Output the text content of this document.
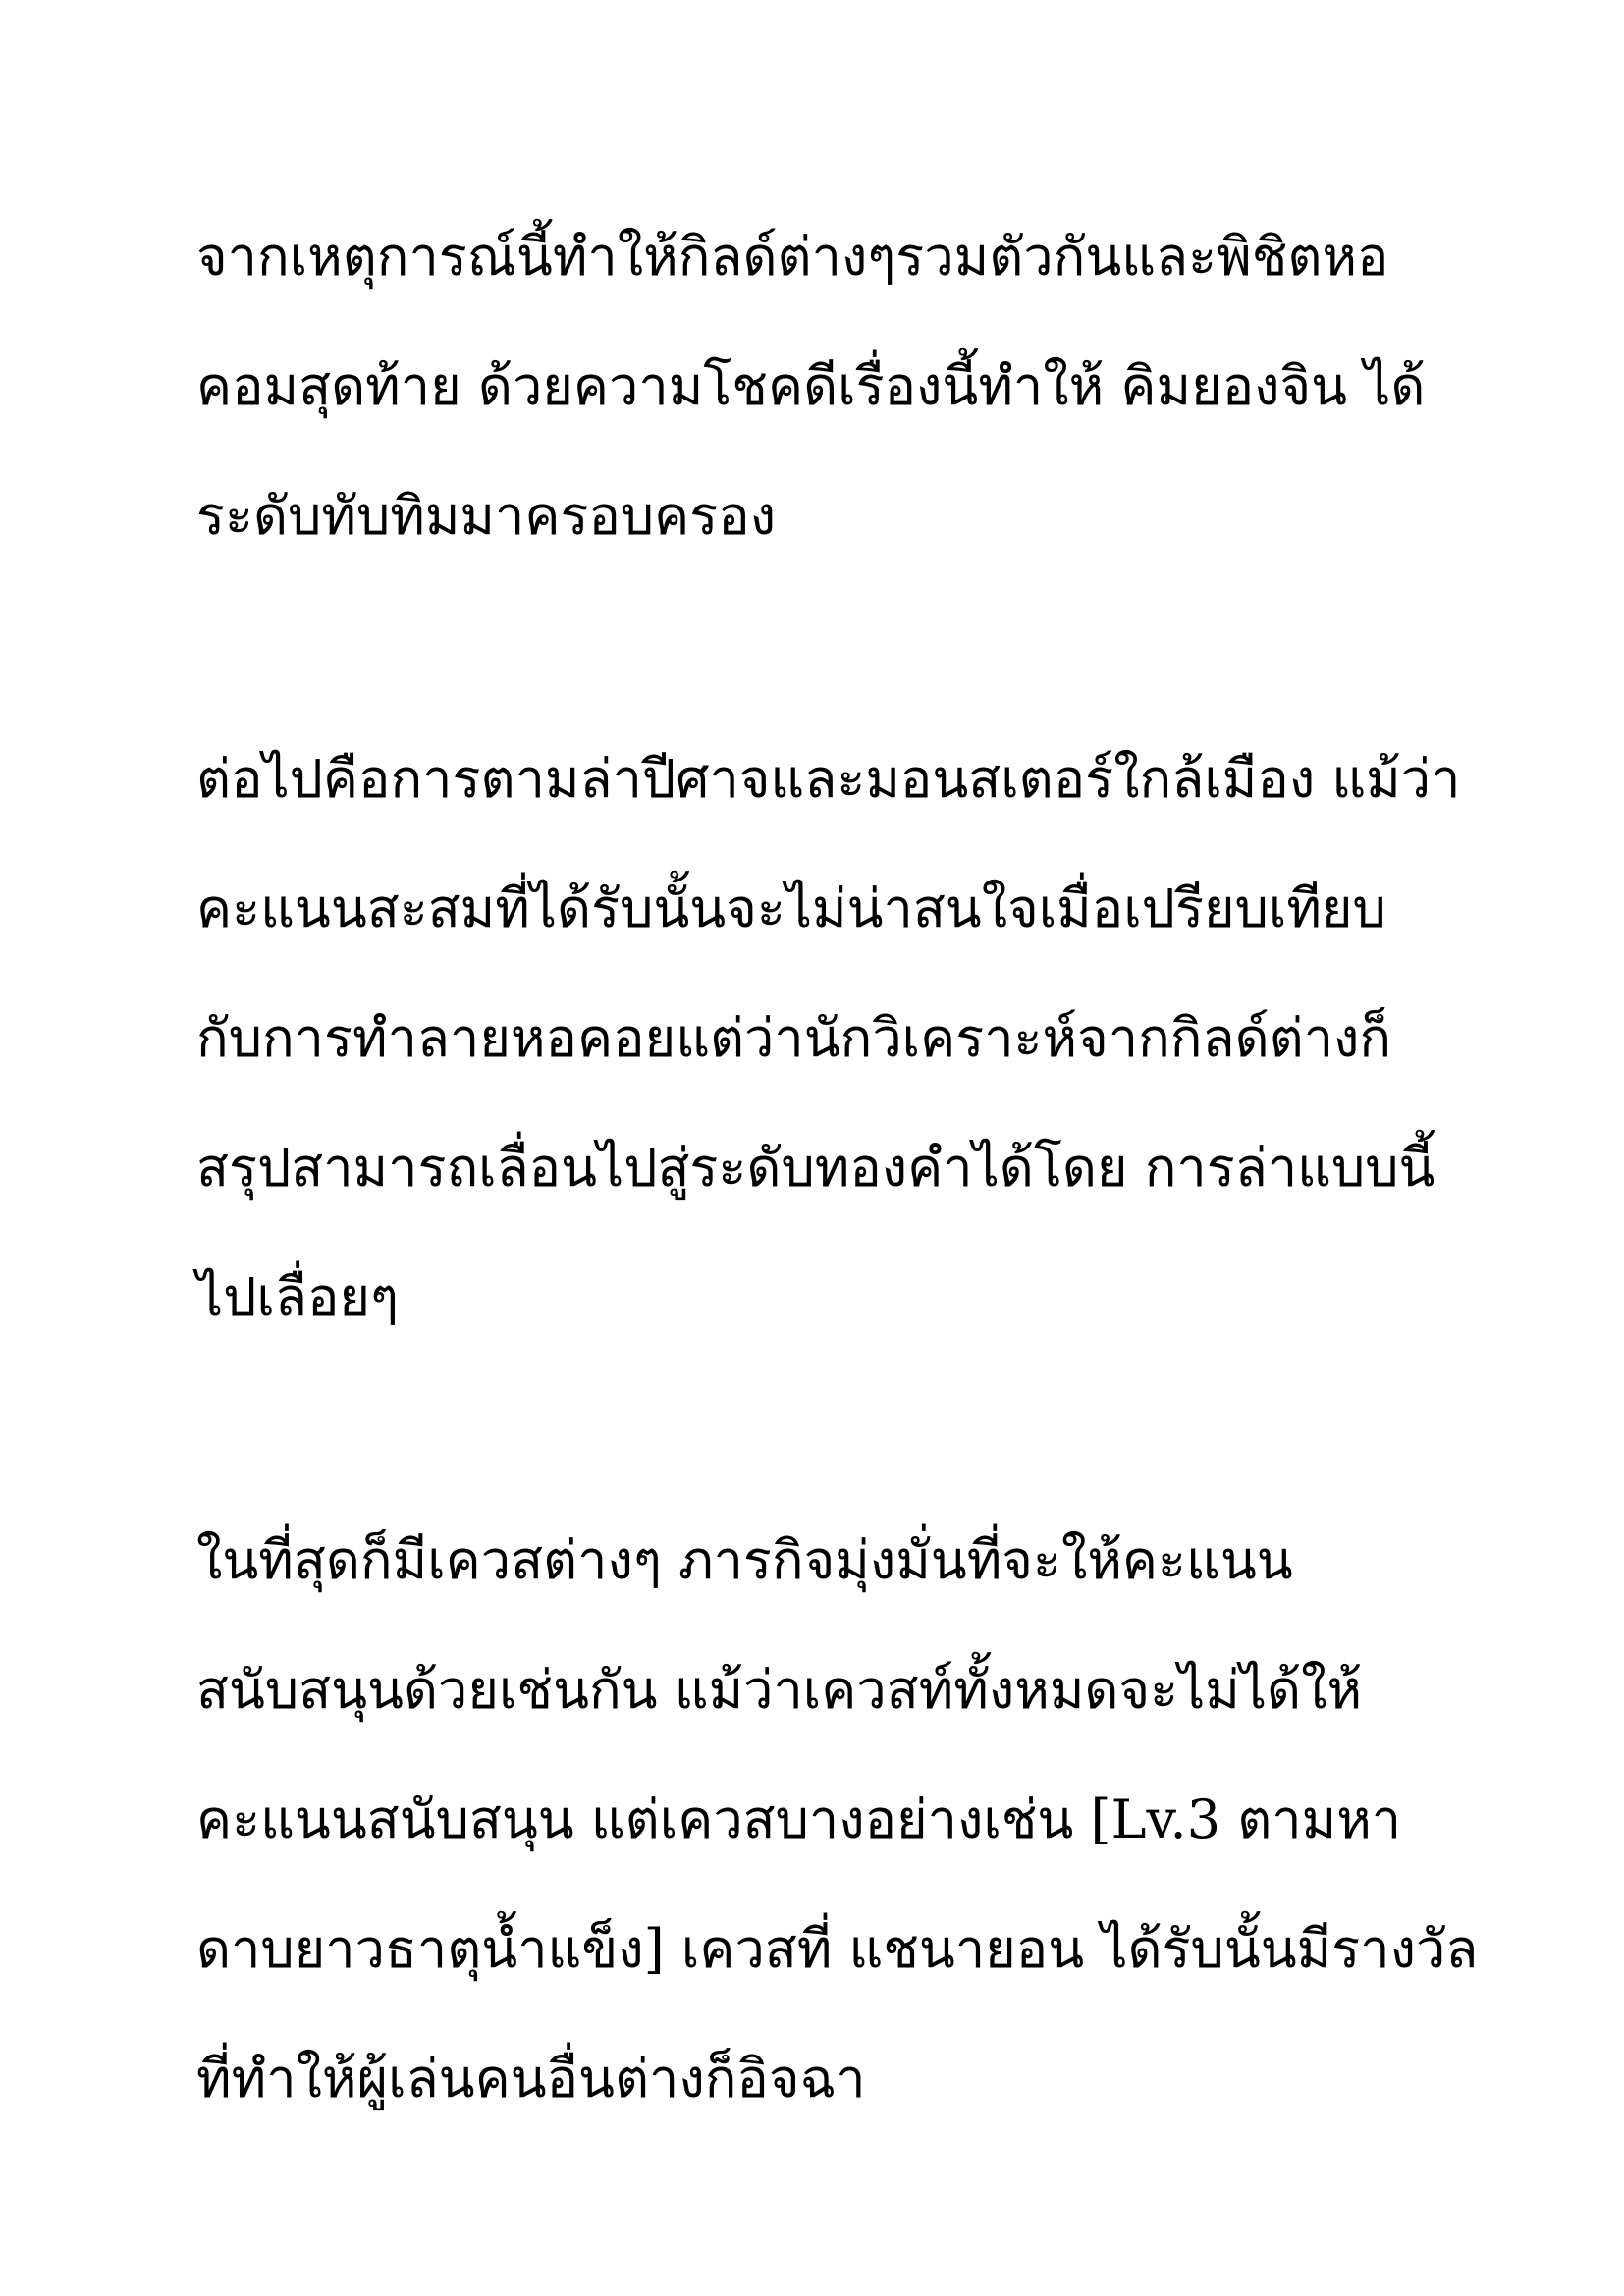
จากเหตุการณ์นี้ทำให้กิลด์ต่างๆรวมตัวกันและพิชิตหอ
คอมสุดท้าย ด้วยความโชคดีเรื่องนี้ทำให้ คิมยองจิน ได้
ระดับทับทิมมาครอบครอง
ต่อไปคือการตามล่าปีศาจและมอนสเตอร์ใกล้เมือง แม้ว่า
คะแนนสะสมที่ได้รับนั้นจะไม่น่าสนใจเมื่อเปรียบเทียบ
กับการทำลายหอคอยแต่ว่านักวิเคราะห์จากกิลด์ต่างก็
สรุปสามารถเลื่อนไปสู่ระดับทองคำได้โดย การล่าแบบนี้
ไปเลื่อยๆ
ในที่สุดก็มีเควสต่างๆ ภารกิจมุ่งมั่นที่จะให้คะแนน
สนับสนุนด้วยเช่นกัน แม้ว่าเควสท์ทั้งหมดจะไม่ได้ให้
คะแนนสนับสนุน แต่เควสบางอย่างเช่น [Lv.3 ตามหา
ดาบยาวธาตุน้ำแข็ง] เควสที่ แชนายอน ได้รับนั้นมีรางวัล
ที่ทำให้ผู้เล่นคนอื่นต่างก็อิจฉา
